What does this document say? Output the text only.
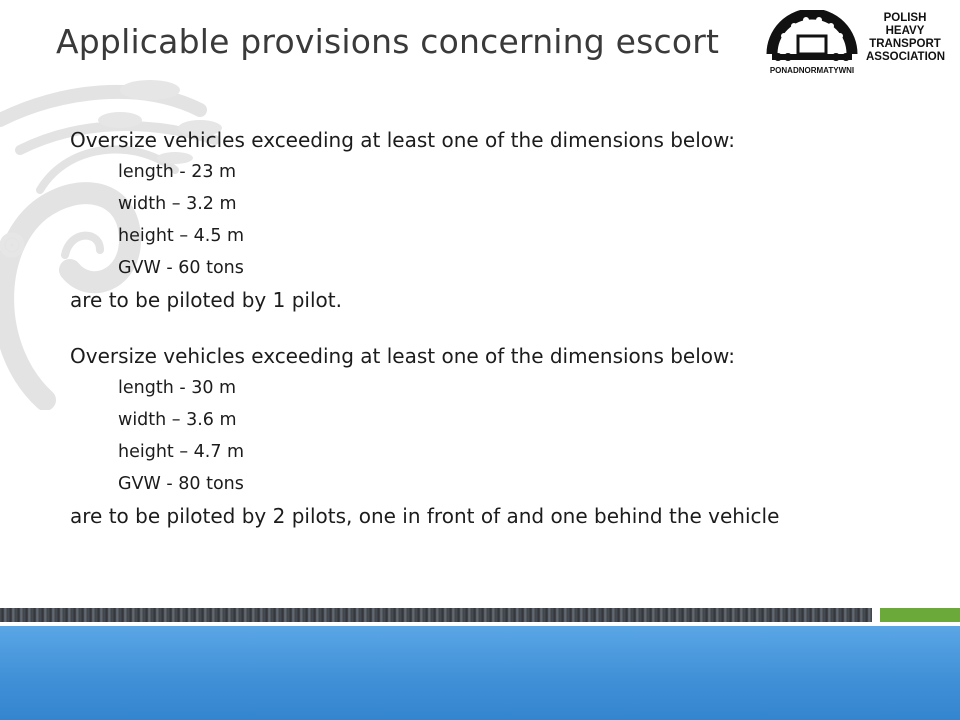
Applicable provisions concerning escort
PONADNORMATYWNI
POLISH
HEAVY
TRANSPORT
ASSOCIATION
Oversize vehicles exceeding at least one of the dimensions below:
length - 23 m
width – 3.2 m
height – 4.5 m
GVW - 60 tons
are to be piloted by 1 pilot.
Oversize vehicles exceeding at least one of the dimensions below:
length - 30 m
width – 3.6 m
height – 4.7 m
GVW - 80 tons
are to be piloted by 2 pilots, one in front of and one behind the vehicle
